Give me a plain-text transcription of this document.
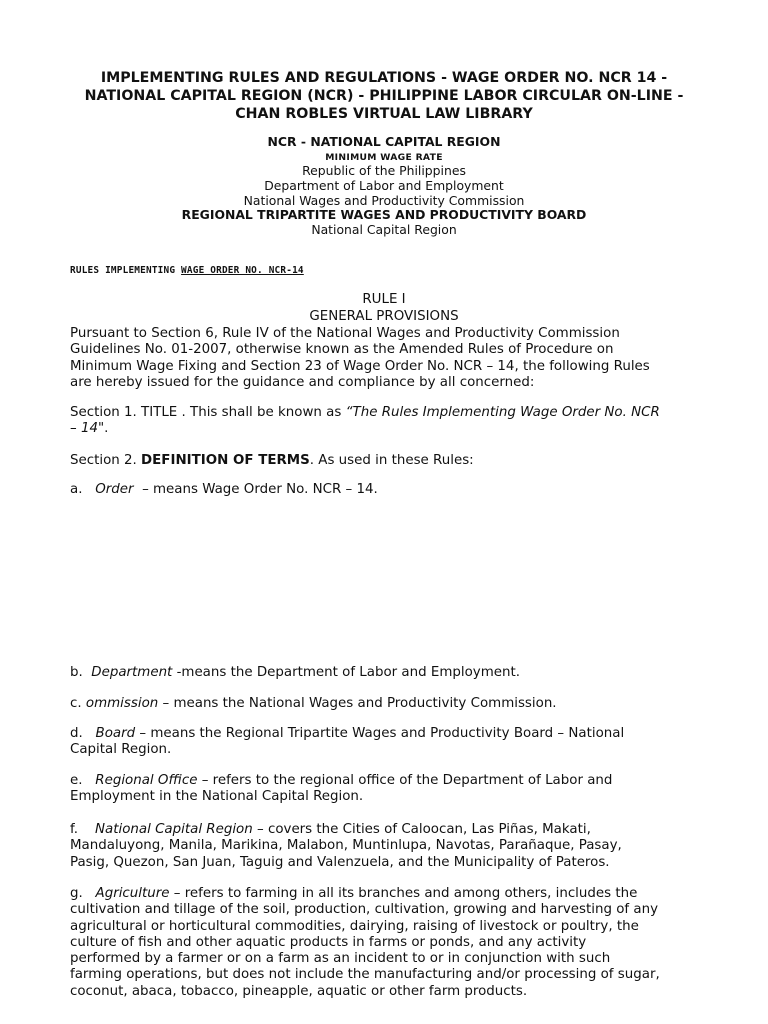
IMPLEMENTING RULES AND REGULATIONS - WAGE ORDER NO. NCR 14 -
NATIONAL CAPITAL REGION (NCR) - PHILIPPINE LABOR CIRCULAR ON-LINE -
CHAN ROBLES VIRTUAL LAW LIBRARY
NCR - NATIONAL CAPITAL REGION
MINIMUM WAGE RATE
Republic of the Philippines
Department of Labor and Employment
National Wages and Productivity Commission
REGIONAL TRIPARTITE WAGES AND PRODUCTIVITY BOARD
National Capital Region
RULES IMPLEMENTING WAGE ORDER NO. NCR-14
RULE I
GENERAL PROVISIONS

Pursuant to Section 6, Rule IV of the National Wages and Productivity Commission Guidelines No. 01-2007, otherwise known as the Amended Rules of Procedure on Minimum Wage Fixing and Section 23 of Wage Order No. NCR – 14, the following Rules are hereby issued for the guidance and compliance by all concerned:

Section 1. TITLE . This shall be known as “The Rules Implementing Wage Order No. NCR – 14".

Section 2. DEFINITION OF TERMS. As used in these Rules:

a. Order  – means Wage Order No. NCR – 14.

b. Department -means the Department of Labor and Employment.

c. ommission – means the National Wages and Productivity Commission.

d. Board – means the Regional Tripartite Wages and Productivity Board – National Capital Region.

e. Regional Office – refers to the regional office of the Department of Labor and Employment in the National Capital Region.

f. National Capital Region – covers the Cities of Caloocan, Las Piñas, Makati, Mandaluyong, Manila, Marikina, Malabon, Muntinlupa, Navotas, Parañaque, Pasay, Pasig, Quezon, San Juan, Taguig and Valenzuela, and the Municipality of Pateros.

g. Agriculture – refers to farming in all its branches and among others, includes the cultivation and tillage of the soil, production, cultivation, growing and harvesting of any agricultural or horticultural commodities, dairying, raising of livestock or poultry, the culture of fish and other aquatic products in farms or ponds, and any activity performed by a farmer or on a farm as an incident to or in conjunction with such farming operations, but does not include the manufacturing and/or processing of sugar, coconut, abaca, tobacco, pineapple, aquatic or other farm products.
